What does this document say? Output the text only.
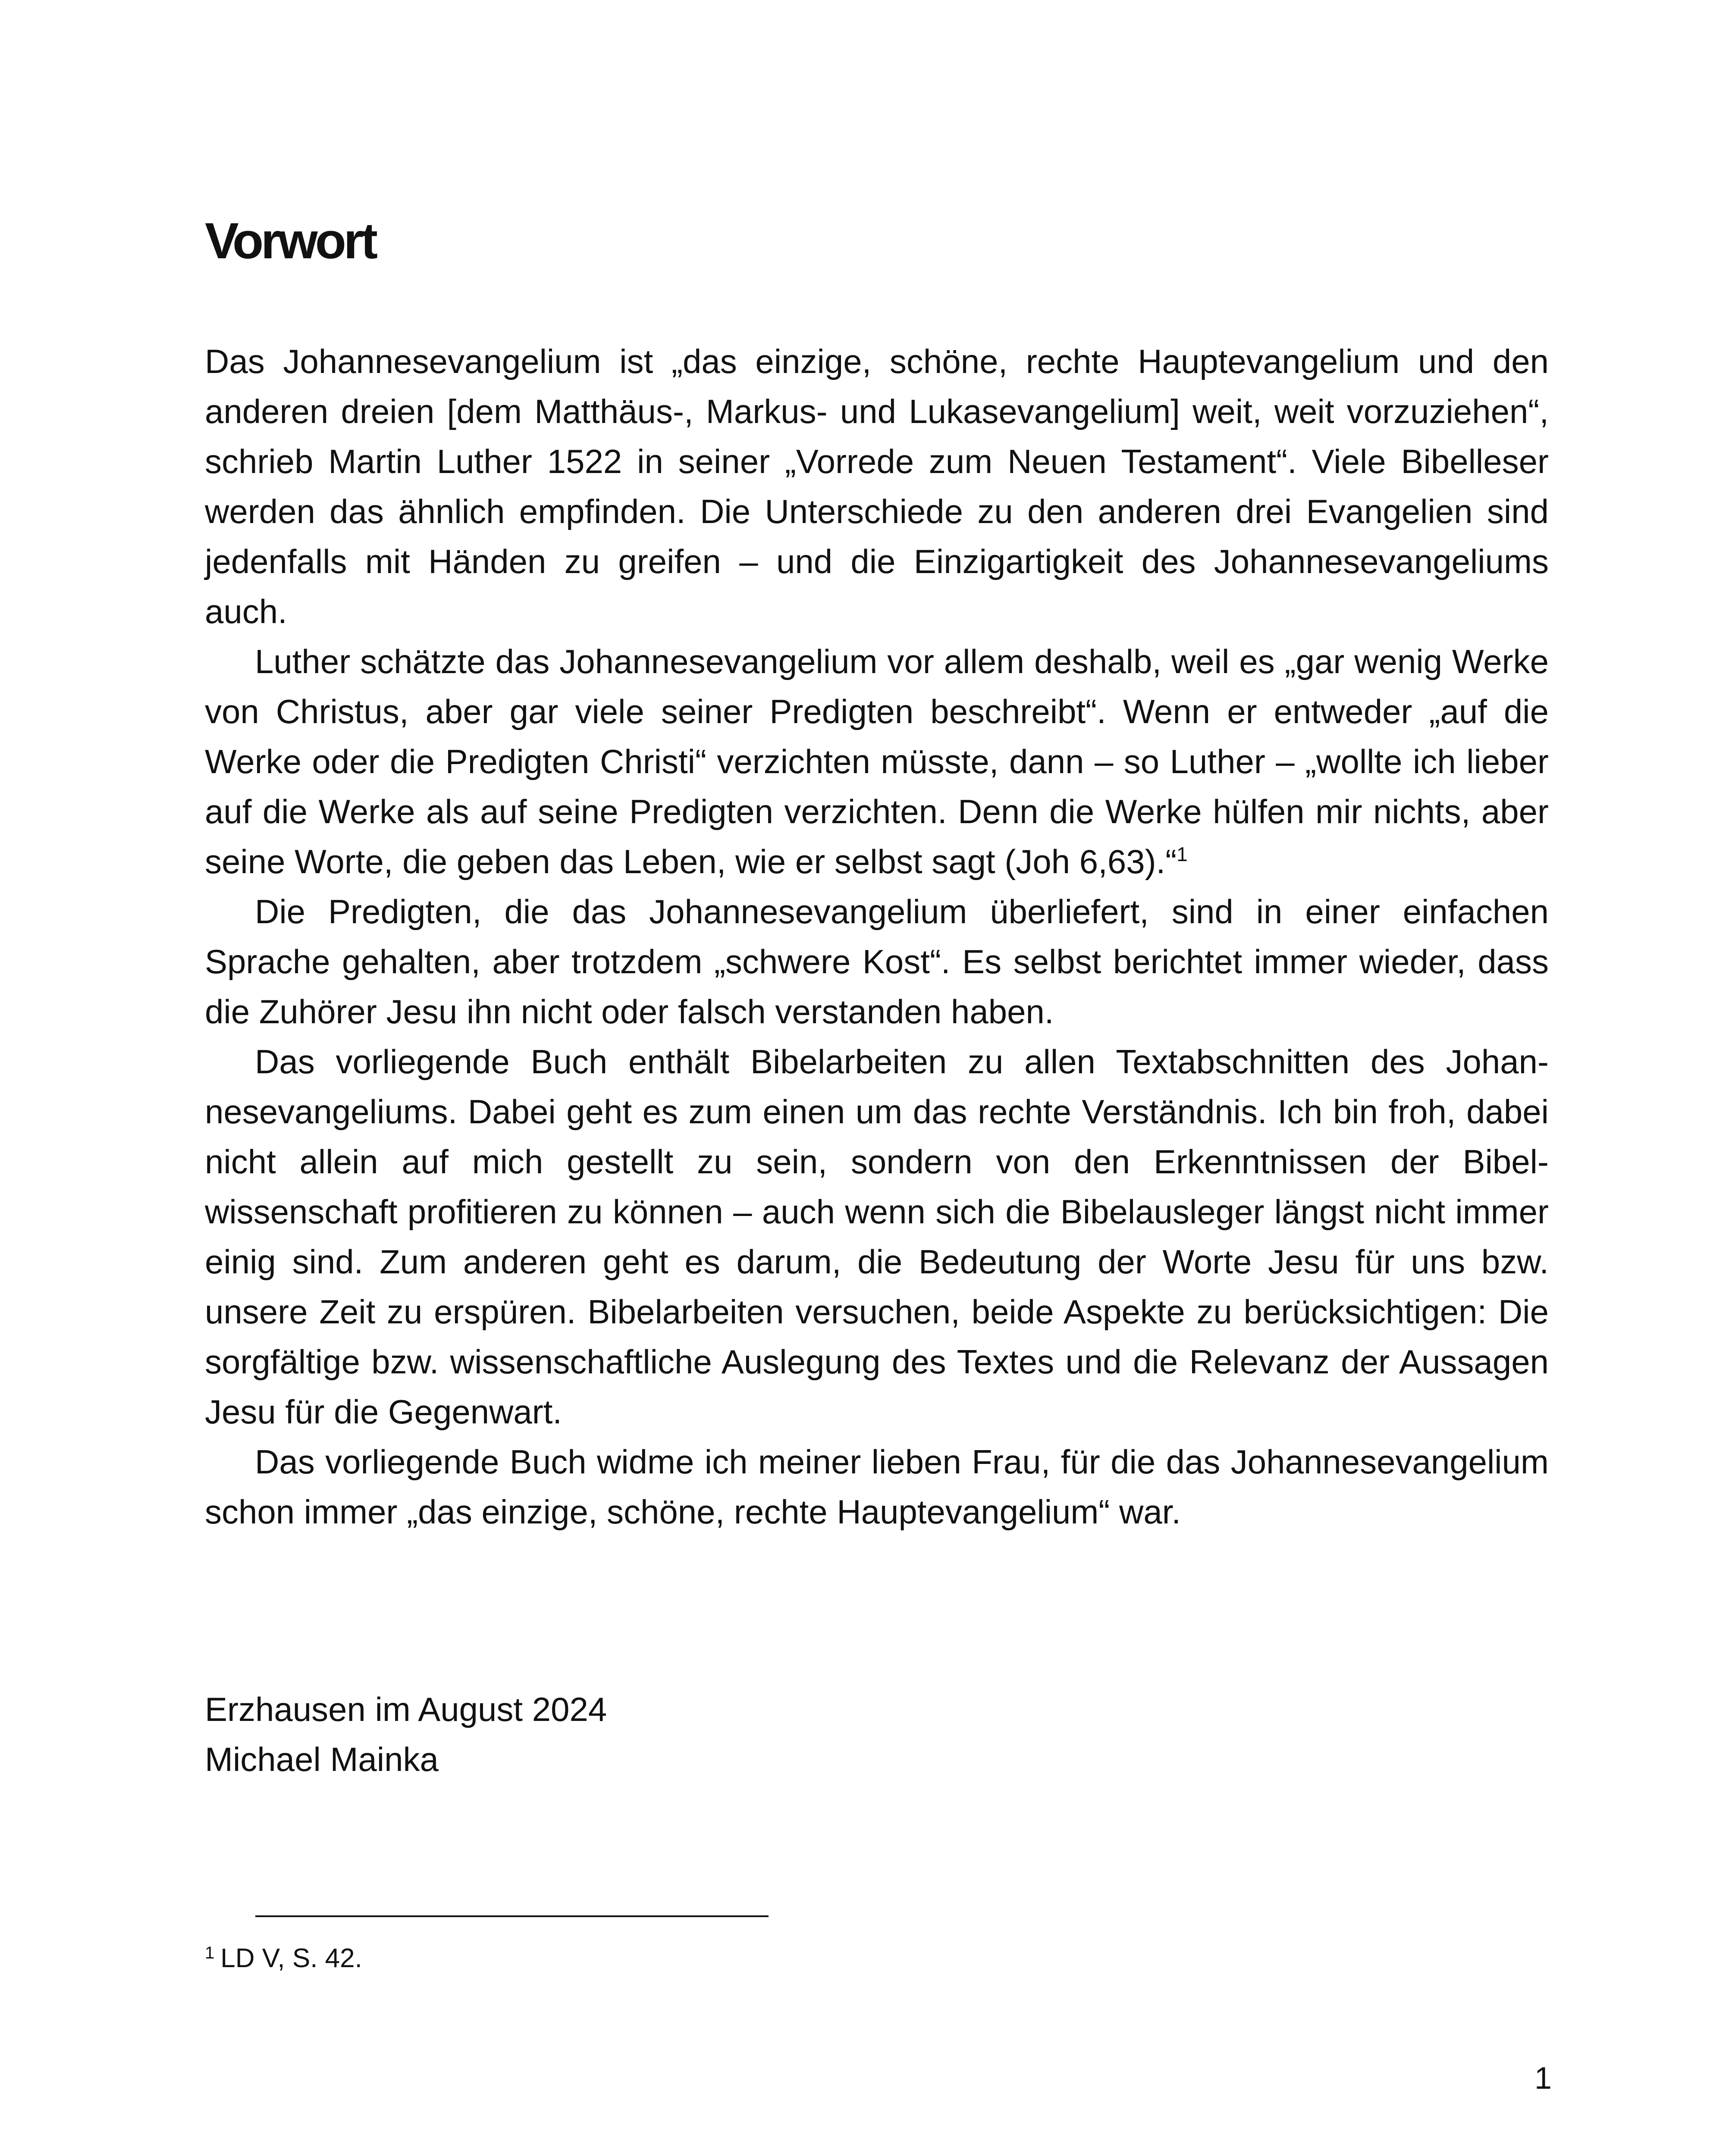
Vorwort

Das Johannesevangelium ist „das einzige, schöne, rechte Hauptevangelium und den anderen dreien [dem Matthäus-, Markus- und Lukasevangelium] weit, weit vorzuziehen“, schrieb Martin Luther 1522 in seiner „Vorrede zum Neuen Testament“. Viele Bibelleser werden das ähnlich empfinden. Die Unterschiede zu den anderen drei Evangelien sind jedenfalls mit Händen zu greifen – und die Einzigartigkeit des Johannesevangeliums auch.

Luther schätzte das Johannesevangelium vor allem deshalb, weil es „gar wenig Werke von Christus, aber gar viele seiner Predigten beschreibt“. Wenn er entweder „auf die Werke oder die Predigten Christi“ verzichten müsste, dann – so Luther – „wollte ich lieber auf die Werke als auf seine Predigten verzichten. Denn die Werke hülfen mir nichts, aber seine Worte, die geben das Leben, wie er selbst sagt (Joh 6,63).“$^1$

Die Predigten, die das Johannesevangelium überliefert, sind in einer einfachen Sprache gehalten, aber trotzdem „schwere Kost“. Es selbst berichtet immer wieder, dass die Zuhörer Jesu ihn nicht oder falsch verstanden haben.

Das vorliegende Buch enthält Bibelarbeiten zu allen Textabschnitten des Johannesevangeliums. Dabei geht es zum einen um das rechte Verständnis. Ich bin froh, dabei nicht allein auf mich gestellt zu sein, sondern von den Erkenntnissen der Bibelwissenschaft profitieren zu können – auch wenn sich die Bibelausleger längst nicht immer einig sind. Zum anderen geht es darum, die Bedeutung der Worte Jesu für uns bzw. unsere Zeit zu erspüren. Bibelarbeiten versuchen, beide Aspekte zu berücksichtigen: Die sorgfältige bzw. wissenschaftliche Auslegung des Textes und die Relevanz der Aussagen Jesu für die Gegenwart.

Das vorliegende Buch widme ich meiner lieben Frau, für die das Johannesevangelium schon immer „das einzige, schöne, rechte Hauptevangelium“ war.

Erzhausen im August 2024
Michael Mainka
$^1$ LD V, S. 42.
1
